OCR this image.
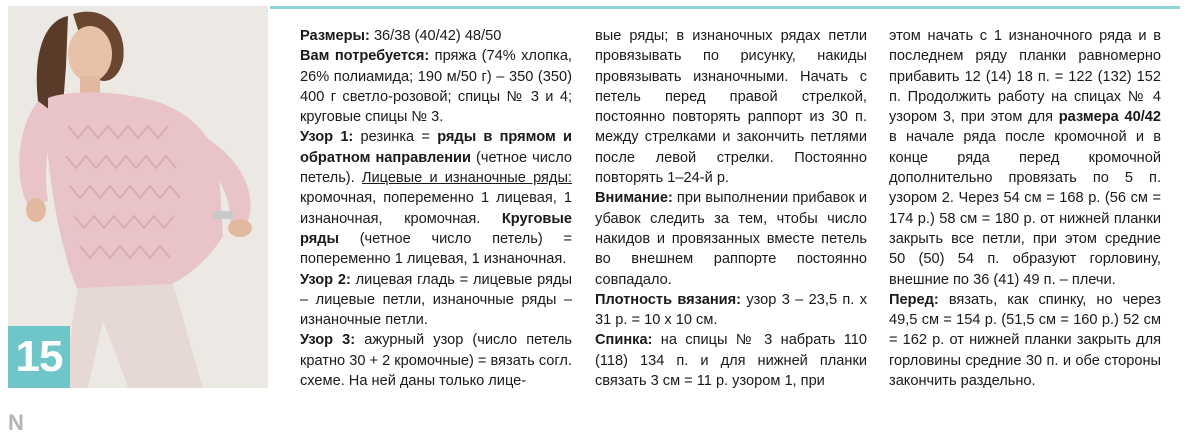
15

Размеры: 36/38 (40/42) 48/50

Вам потребуется: пряжа (74% хлопка, 26% полиамида; 190 м/50 г) – 350 (350) 400 г светло-розовой; спицы № 3 и 4; круговые спицы № 3.

Узор 1: резинка = ряды в прямом и обратном направлении (четное число петель). Лицевые и изнаночные ряды: кромочная, попеременно 1 лицевая, 1 изнаночная, кромочная. Круговые ряды (четное число петель) = попеременно 1 лицевая, 1 изнаночная.

Узор 2: лицевая гладь = лицевые ряды – лицевые петли, изнаночные ряды – изнаночные петли.

Узор 3: ажурный узор (число петель кратно 30 + 2 кромочные) = вязать согл. схеме. На ней даны только лице-

вые ряды; в изнаночных рядах петли провязывать по рисунку, накиды провязывать изнаночными. Начать с петель перед правой стрелкой, постоянно повторять раппорт из 30 п. между стрелками и закончить петлями после левой стрелки. Постоянно повторять 1–24-й р.

Внимание: при выполнении прибавок и убавок следить за тем, чтобы число накидов и провязанных вместе петель во внешнем раппорте постоянно совпадало.

Плотность вязания: узор 3 – 23,5 п. х 31 р. = 10 х 10 см.

Спинка: на спицы № 3 набрать 110 (118) 134 п. и для нижней планки связать 3 см = 11 р. узором 1, при

этом начать с 1 изнаночного ряда и в последнем ряду планки равномерно прибавить 12 (14) 18 п. = 122 (132) 152 п. Продолжить работу на спицах № 4 узором 3, при этом для размера 40/42 в начале ряда после кромочной и в конце ряда перед кромочной дополнительно провязать по 5 п. узором 2. Через 54 см = 168 р. (56 см = 174 р.) 58 см = 180 р. от нижней планки закрыть все петли, при этом средние 50 (50) 54 п. образуют горловину, внешние по 36 (41) 49 п. – плечи.

Перед: вязать, как спинку, но через 49,5 см = 154 р. (51,5 см = 160 р.) 52 см = 162 р. от нижней планки закрыть для горловины средние 30 п. и обе стороны закончить раздельно.

N
